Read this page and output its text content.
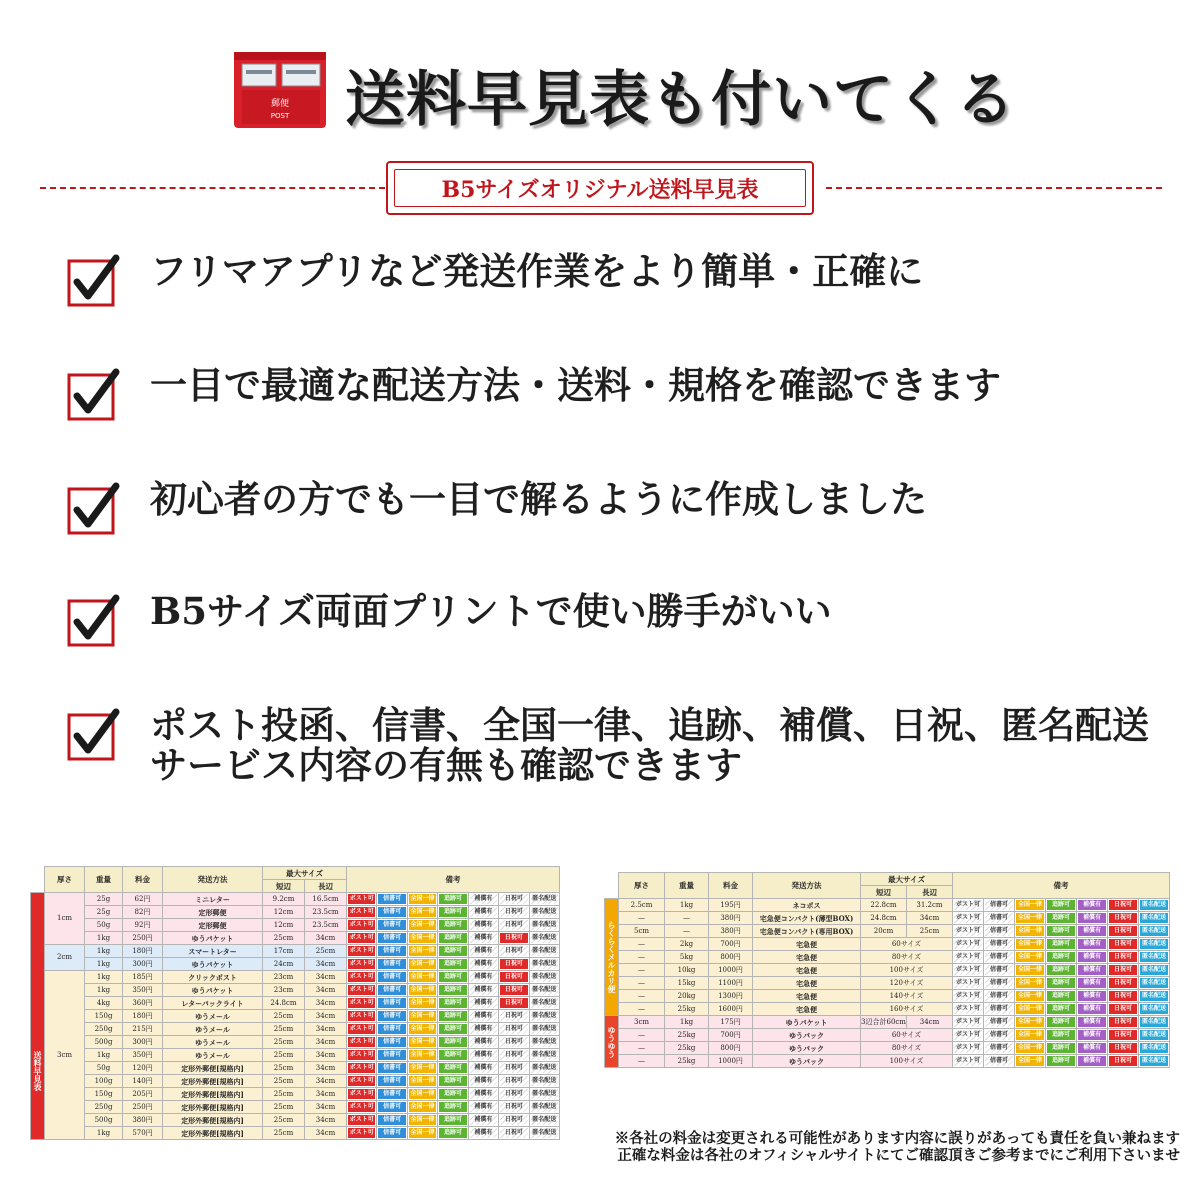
郵便
POST 送料早見表も付いてくる
B5サイズオリジナル送料早見表
フリマアプリなど発送作業をより簡単・正確に
一目で最適な配送方法・送料・規格を確認できます
初心者の方でも一目で解るように作成しました
B5サイズ両面プリントで使い勝手がいい
ポスト投函、信書、全国一律、追跡、補償、日祝、匿名配送
サービス内容の有無も確認できます
	厚さ	重量	料金	発送方法	最大サイズ		備考						
					短辺	長辺							
送料早見表	1cm	25g	62円	ミニレター	9.2cm	16.5cm	ポスト可	信書可	全国一律	追跡可	補償有	日祝可	匿名配送

		25g	82円	定形郵便	12cm	23.5cm	ポスト可	信書可	全国一律	追跡可	補償有	日祝可	匿名配送

		50g	92円	定形郵便	12cm	23.5cm	ポスト可	信書可	全国一律	追跡可	補償有	日祝可	匿名配送

		1kg	250円	ゆうパケット	25cm	34cm	ポスト可	信書可	全国一律	追跡可	補償有	日祝可	匿名配送

	2cm	1kg	180円	スマートレター	17cm	25cm	ポスト可	信書可	全国一律	追跡可	補償有	日祝可	匿名配送

		1kg	300円	ゆうパケット	24cm	34cm	ポスト可	信書可	全国一律	追跡可	補償有	日祝可	匿名配送

	3cm	1kg	185円	クリックポスト	23cm	34cm	ポスト可	信書可	全国一律	追跡可	補償有	日祝可	匿名配送

		1kg	350円	ゆうパケット	23cm	34cm	ポスト可	信書可	全国一律	追跡可	補償有	日祝可	匿名配送

		4kg	360円	レターパックライト	24.8cm	34cm	ポスト可	信書可	全国一律	追跡可	補償有	日祝可	匿名配送

		150g	180円	ゆうメール	25cm	34cm	ポスト可	信書可	全国一律	追跡可	補償有	日祝可	匿名配送

		250g	215円	ゆうメール	25cm	34cm	ポスト可	信書可	全国一律	追跡可	補償有	日祝可	匿名配送

		500g	300円	ゆうメール	25cm	34cm	ポスト可	信書可	全国一律	追跡可	補償有	日祝可	匿名配送

		1kg	350円	ゆうメール	25cm	34cm	ポスト可	信書可	全国一律	追跡可	補償有	日祝可	匿名配送

		50g	120円	定形外郵便[規格内]	25cm	34cm	ポスト可	信書可	全国一律	追跡可	補償有	日祝可	匿名配送

		100g	140円	定形外郵便[規格内]	25cm	34cm	ポスト可	信書可	全国一律	追跡可	補償有	日祝可	匿名配送

		150g	205円	定形外郵便[規格内]	25cm	34cm	ポスト可	信書可	全国一律	追跡可	補償有	日祝可	匿名配送

		250g	250円	定形外郵便[規格内]	25cm	34cm	ポスト可	信書可	全国一律	追跡可	補償有	日祝可	匿名配送

		500g	380円	定形外郵便[規格内]	25cm	34cm	ポスト可	信書可	全国一律	追跡可	補償有	日祝可	匿名配送

		1kg	570円	定形外郵便[規格内]	25cm	34cm	ポスト可	信書可	全国一律	追跡可	補償有	日祝可	匿名配送
	厚さ	重量	料金	発送方法	最大サイズ		備考						
					短辺	長辺							
らくらくメルカリ便	2.5cm	1kg	195円	ネコポス	22.8cm	31.2cm	ポスト可	信書可	全国一律	追跡可	補償有	日祝可	匿名配送

	—	—	380円	宅急便コンパクト(薄型BOX)	24.8cm	34cm	ポスト可	信書可	全国一律	追跡可	補償有	日祝可	匿名配送

	5cm	—	380円	宅急便コンパクト(専用BOX)	20cm	25cm	ポスト可	信書可	全国一律	追跡可	補償有	日祝可	匿名配送

	—	2kg	700円	宅急便	60サイズ		ポスト可	信書可	全国一律	追跡可	補償有	日祝可	匿名配送

	—	5kg	800円	宅急便	80サイズ		ポスト可	信書可	全国一律	追跡可	補償有	日祝可	匿名配送

	—	10kg	1000円	宅急便	100サイズ		ポスト可	信書可	全国一律	追跡可	補償有	日祝可	匿名配送

	—	15kg	1100円	宅急便	120サイズ		ポスト可	信書可	全国一律	追跡可	補償有	日祝可	匿名配送

	—	20kg	1300円	宅急便	140サイズ		ポスト可	信書可	全国一律	追跡可	補償有	日祝可	匿名配送

	—	25kg	1600円	宅急便	160サイズ		ポスト可	信書可	全国一律	追跡可	補償有	日祝可	匿名配送

ゆうゆう	3cm	1kg	175円	ゆうパケット	3辺合計60cm	34cm	ポスト可	信書可	全国一律	追跡可	補償有	日祝可	匿名配送

	—	25kg	700円	ゆうパック	60サイズ		ポスト可	信書可	全国一律	追跡可	補償有	日祝可	匿名配送

	—	25kg	800円	ゆうパック	80サイズ		ポスト可	信書可	全国一律	追跡可	補償有	日祝可	匿名配送

	—	25kg	1000円	ゆうパック	100サイズ		ポスト可	信書可	全国一律	追跡可	補償有	日祝可	匿名配送
※各社の料金は変更される可能性があります内容に誤りがあっても責任を負い兼ねます
正確な料金は各社のオフィシャルサイトにてご確認頂きご参考までにご利用下さいませ
